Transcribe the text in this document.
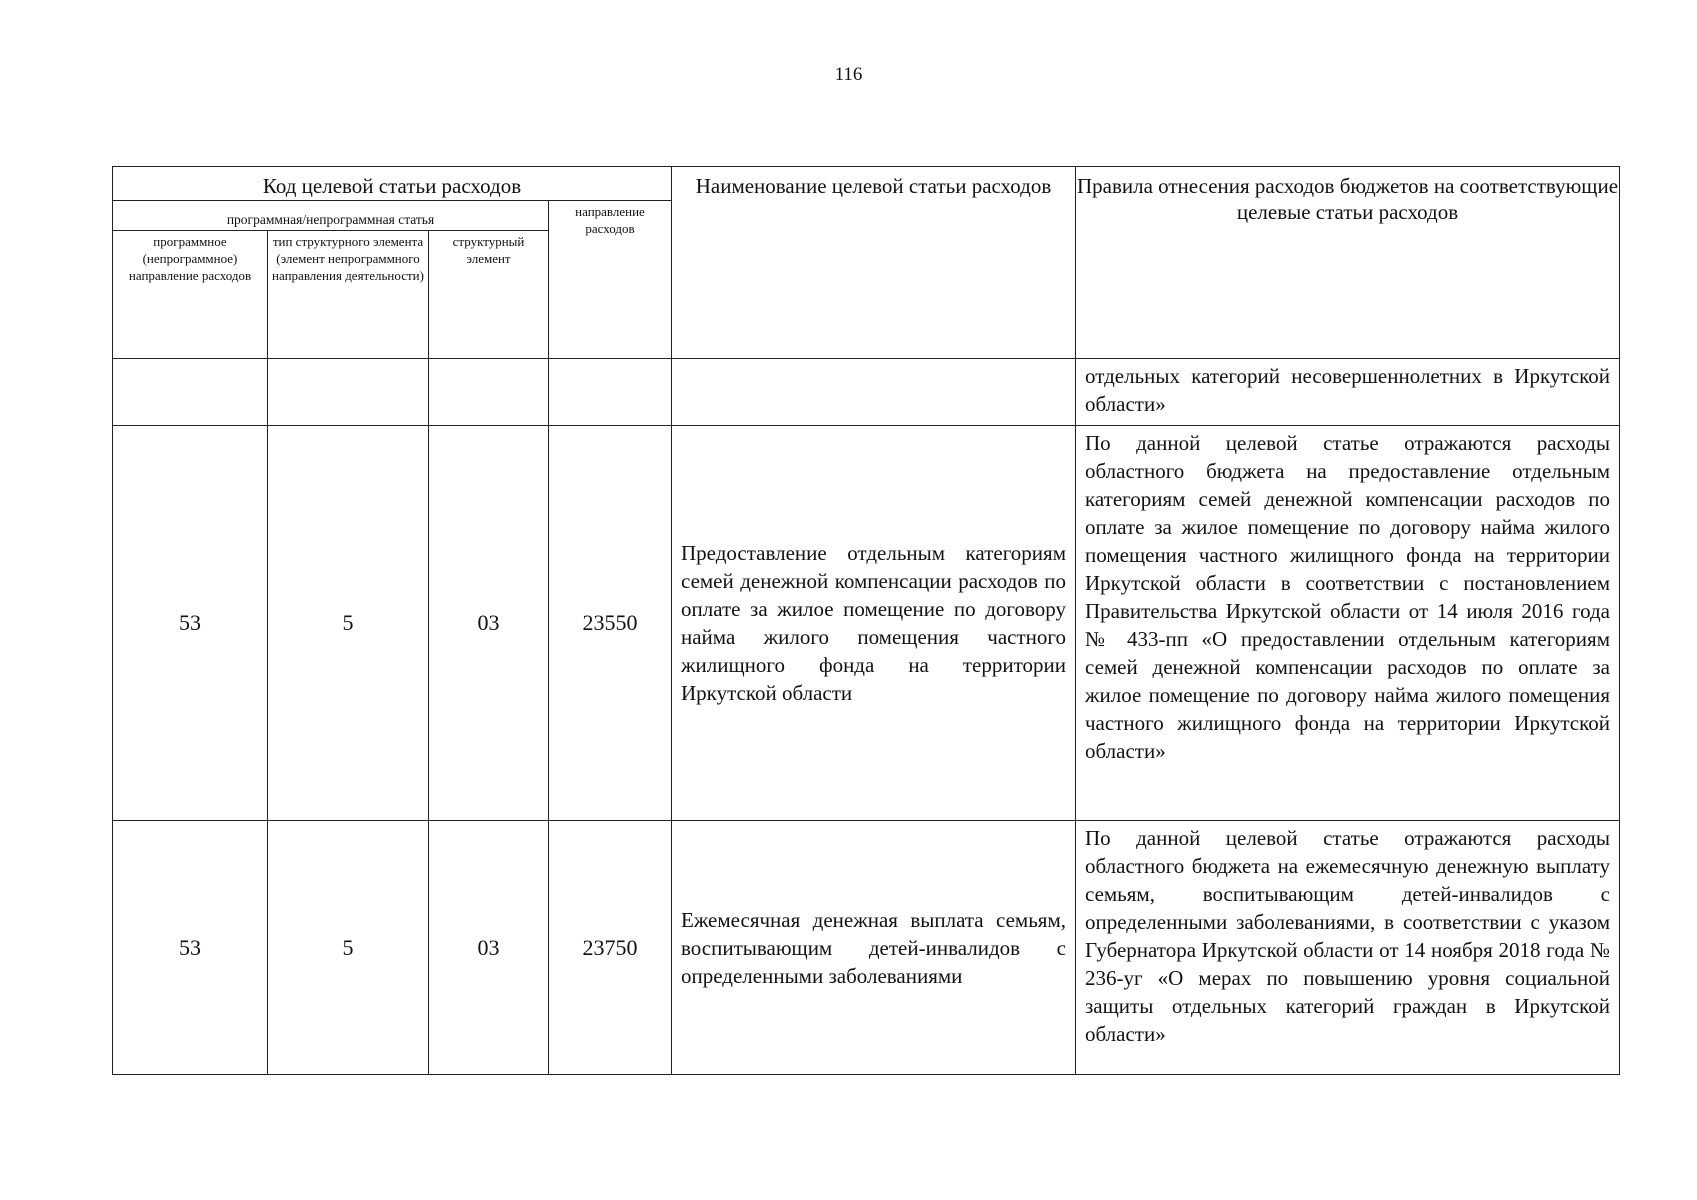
116
Код целевой статьи расходов				Наименование целевой статьи расходов	Правила отнесения расходов бюджетов на соответствующие целевые статьи расходов
программная/непрограммная статья			направление расходов		
программное (непрограммное) направление расходов	тип структурного элемента (элемент непрограммного направления деятельности)	структурный элемент			
					отдельных категорий несовершеннолетних в Иркутской области»
53	5	03	23550	Предоставление отдельным категориям семей денежной компенсации расходов по оплате за жилое помещение по договору найма жилого помещения частного жилищного фонда на территории Иркутской области	По данной целевой статье отражаются расходы областного бюджета на предоставление отдельным категориям семей денежной компенсации расходов по оплате за жилое помещение по договору найма жилого помещения частного жилищного фонда на территории Иркутской области в соответствии с постановлением Правительства Иркутской области от 14 июля 2016 года № 433-пп «О предоставлении отдельным категориям семей денежной компенсации расходов по оплате за жилое помещение по договору найма жилого помещения частного жилищного фонда на территории Иркутской области»
53	5	03	23750	Ежемесячная денежная выплата семьям, воспитывающим детей-инвалидов с определенными заболеваниями	По данной целевой статье отражаются расходы областного бюджета на ежемесячную денежную выплату семьям, воспитывающим детей-инвалидов с определенными заболеваниями, в соответствии с указом Губернатора Иркутской области от 14 ноября 2018 года № 236-уг «О мерах по повышению уровня социальной защиты отдельных категорий граждан в Иркутской области»
